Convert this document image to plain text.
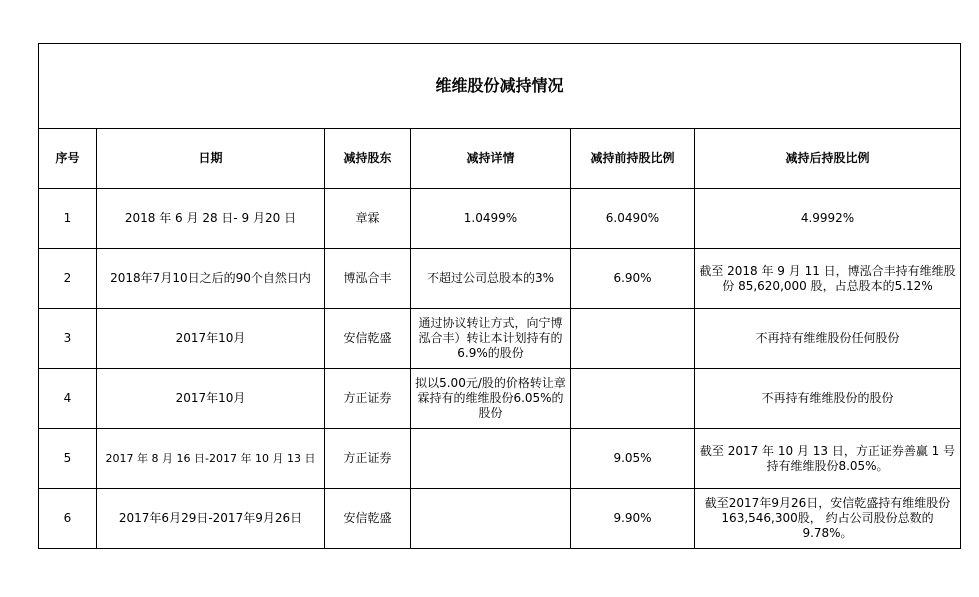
维维股份减持情况					
序号	日期	减持股东	减持详情	减持前持股比例	减持后持股比例
1	2018 年 6 月 28 日- 9 月20 日	章霖	1.0499%	6.0490%	4.9992%
2	2018年7月10日之后的90个自然日内	博泓合丰	不超过公司总股本的3%	6.90%	截至 2018 年 9 月 11 日，博泓合丰持有维维股份 85,620,000 股，占总股本的5.12%
3	2017年10月	安信乾盛	通过协议转让方式，向宁博泓合丰）转让本计划持有的6.9%的股份		不再持有维维股份任何股份
4	2017年10月	方正证券	拟以5.00元/股的价格转让章霖持有的维维股份6.05%的股份		不再持有维维股份的股份
5	2017 年 8 月 16 日-2017 年 10 月 13 日	方正证券		9.05%	截至 2017 年 10 月 13 日，方正证券善赢 1 号持有维维股份8.05%。
6	2017年6月29日-2017年9月26日	安信乾盛		9.90%	截至2017年9月26日，安信乾盛持有维维股份163,546,300股， 约占公司股份总数的9.78%。
